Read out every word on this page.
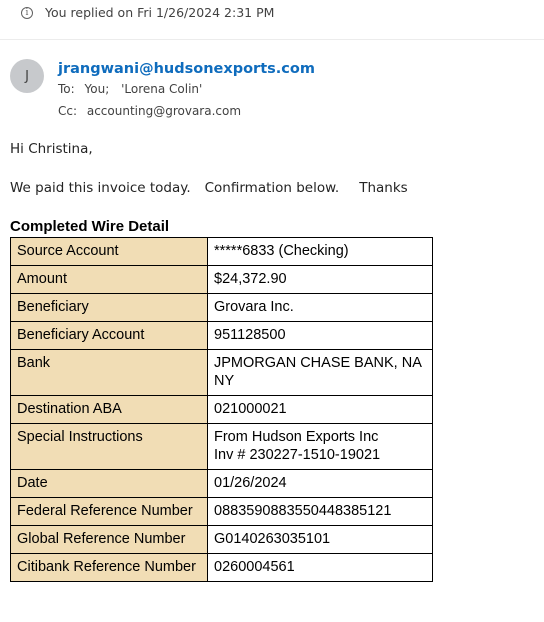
i	You replied on Fri 1/26/2024 2:31 PM
J jrangwani@hudsonexports.com
To: You; 'Lorena Colin'
Cc: accounting@grovara.com
Hi Christina,
We paid this invoice today. Confirmation below. Thanks
Completed Wire Detail
Source Account	*****6833 (Checking)
Amount	$24,372.90
Beneficiary	Grovara Inc.
Beneficiary Account	951128500
Bank	JPMORGAN CHASE BANK, NA NY
Destination ABA	021000021
Special Instructions	From Hudson Exports Inc
Inv # 230227-1510-19021

Date	01/26/2024
Federal Reference Number	0883590883550448385121
Global Reference Number	G0140263035101
Citibank Reference Number	0260004561
